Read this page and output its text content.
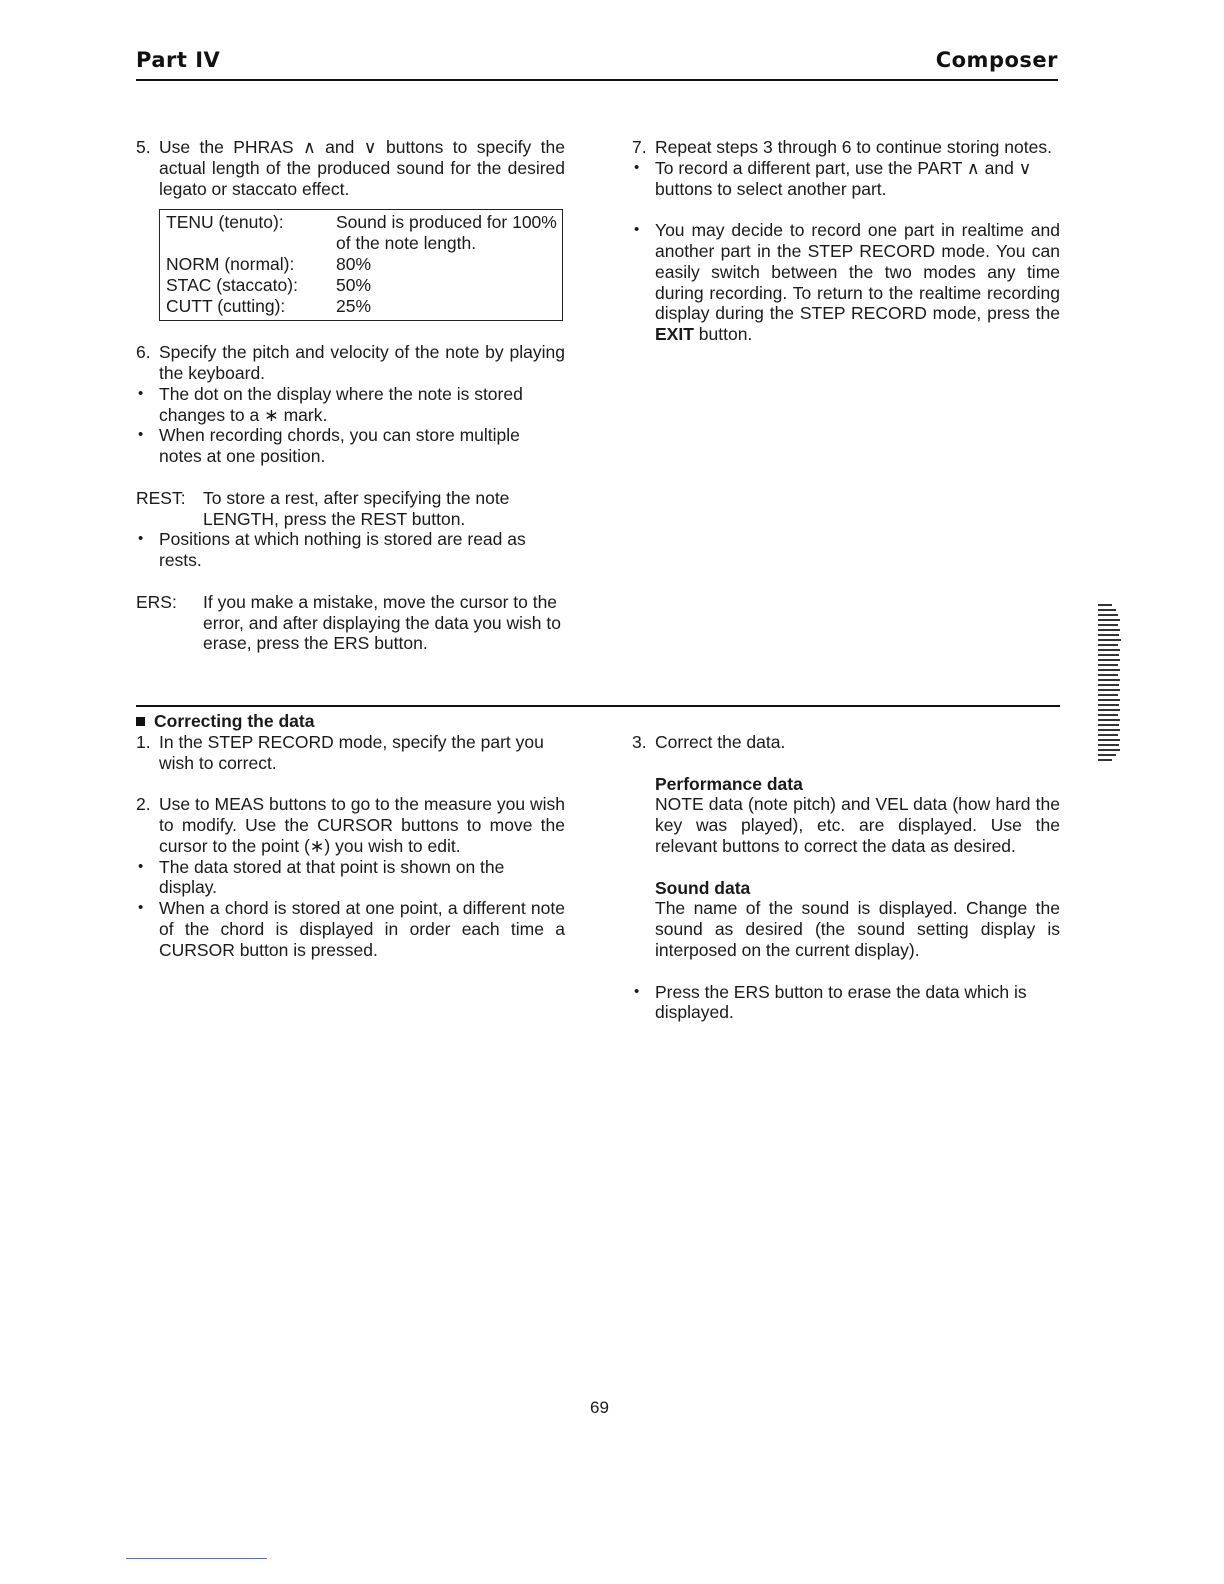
Part IV	Composer
5. Use the PHRAS ∧ and ∨ buttons to specify the actual length of the produced sound for the desired legato or staccato effect.
TENU (tenuto):	Sound is produced for 100% of the note length.
NORM (normal):	80%
STAC (staccato):	50%
CUTT (cutting):	25%
6. Specify the pitch and velocity of the note by playing the keyboard.
• The dot on the display where the note is stored changes to a ∗ mark.
• When recording chords, you can store multiple notes at one position.
REST: To store a rest, after specifying the note LENGTH, press the REST button.
• Positions at which nothing is stored are read as rests.
ERS:	If you make a mistake, move the cursor to the error, and after displaying the data you wish to erase, press the ERS button.
7. Repeat steps 3 through 6 to continue storing notes.
• To record a different part, use the PART ∧ and ∨ buttons to select another part.
• You may decide to record one part in realtime and another part in the STEP RECORD mode. You can easily switch between the two modes any time during recording. To return to the realtime recording display during the STEP RECORD mode, press the EXIT button.
Correcting the data
1. In the STEP RECORD mode, specify the part you wish to correct.
2. Use to MEAS buttons to go to the measure you wish to modify. Use the CURSOR buttons to move the cursor to the point (∗) you wish to edit.
• The data stored at that point is shown on the display.
• When a chord is stored at one point, a different note of the chord is displayed in order each time a CURSOR button is pressed.
3. Correct the data.
Performance data
NOTE data (note pitch) and VEL data (how hard the key was played), etc. are displayed. Use the relevant buttons to correct the data as desired.
Sound data
The name of the sound is displayed. Change the sound as desired (the sound setting display is interposed on the current display).
• Press the ERS button to erase the data which is displayed.
69
